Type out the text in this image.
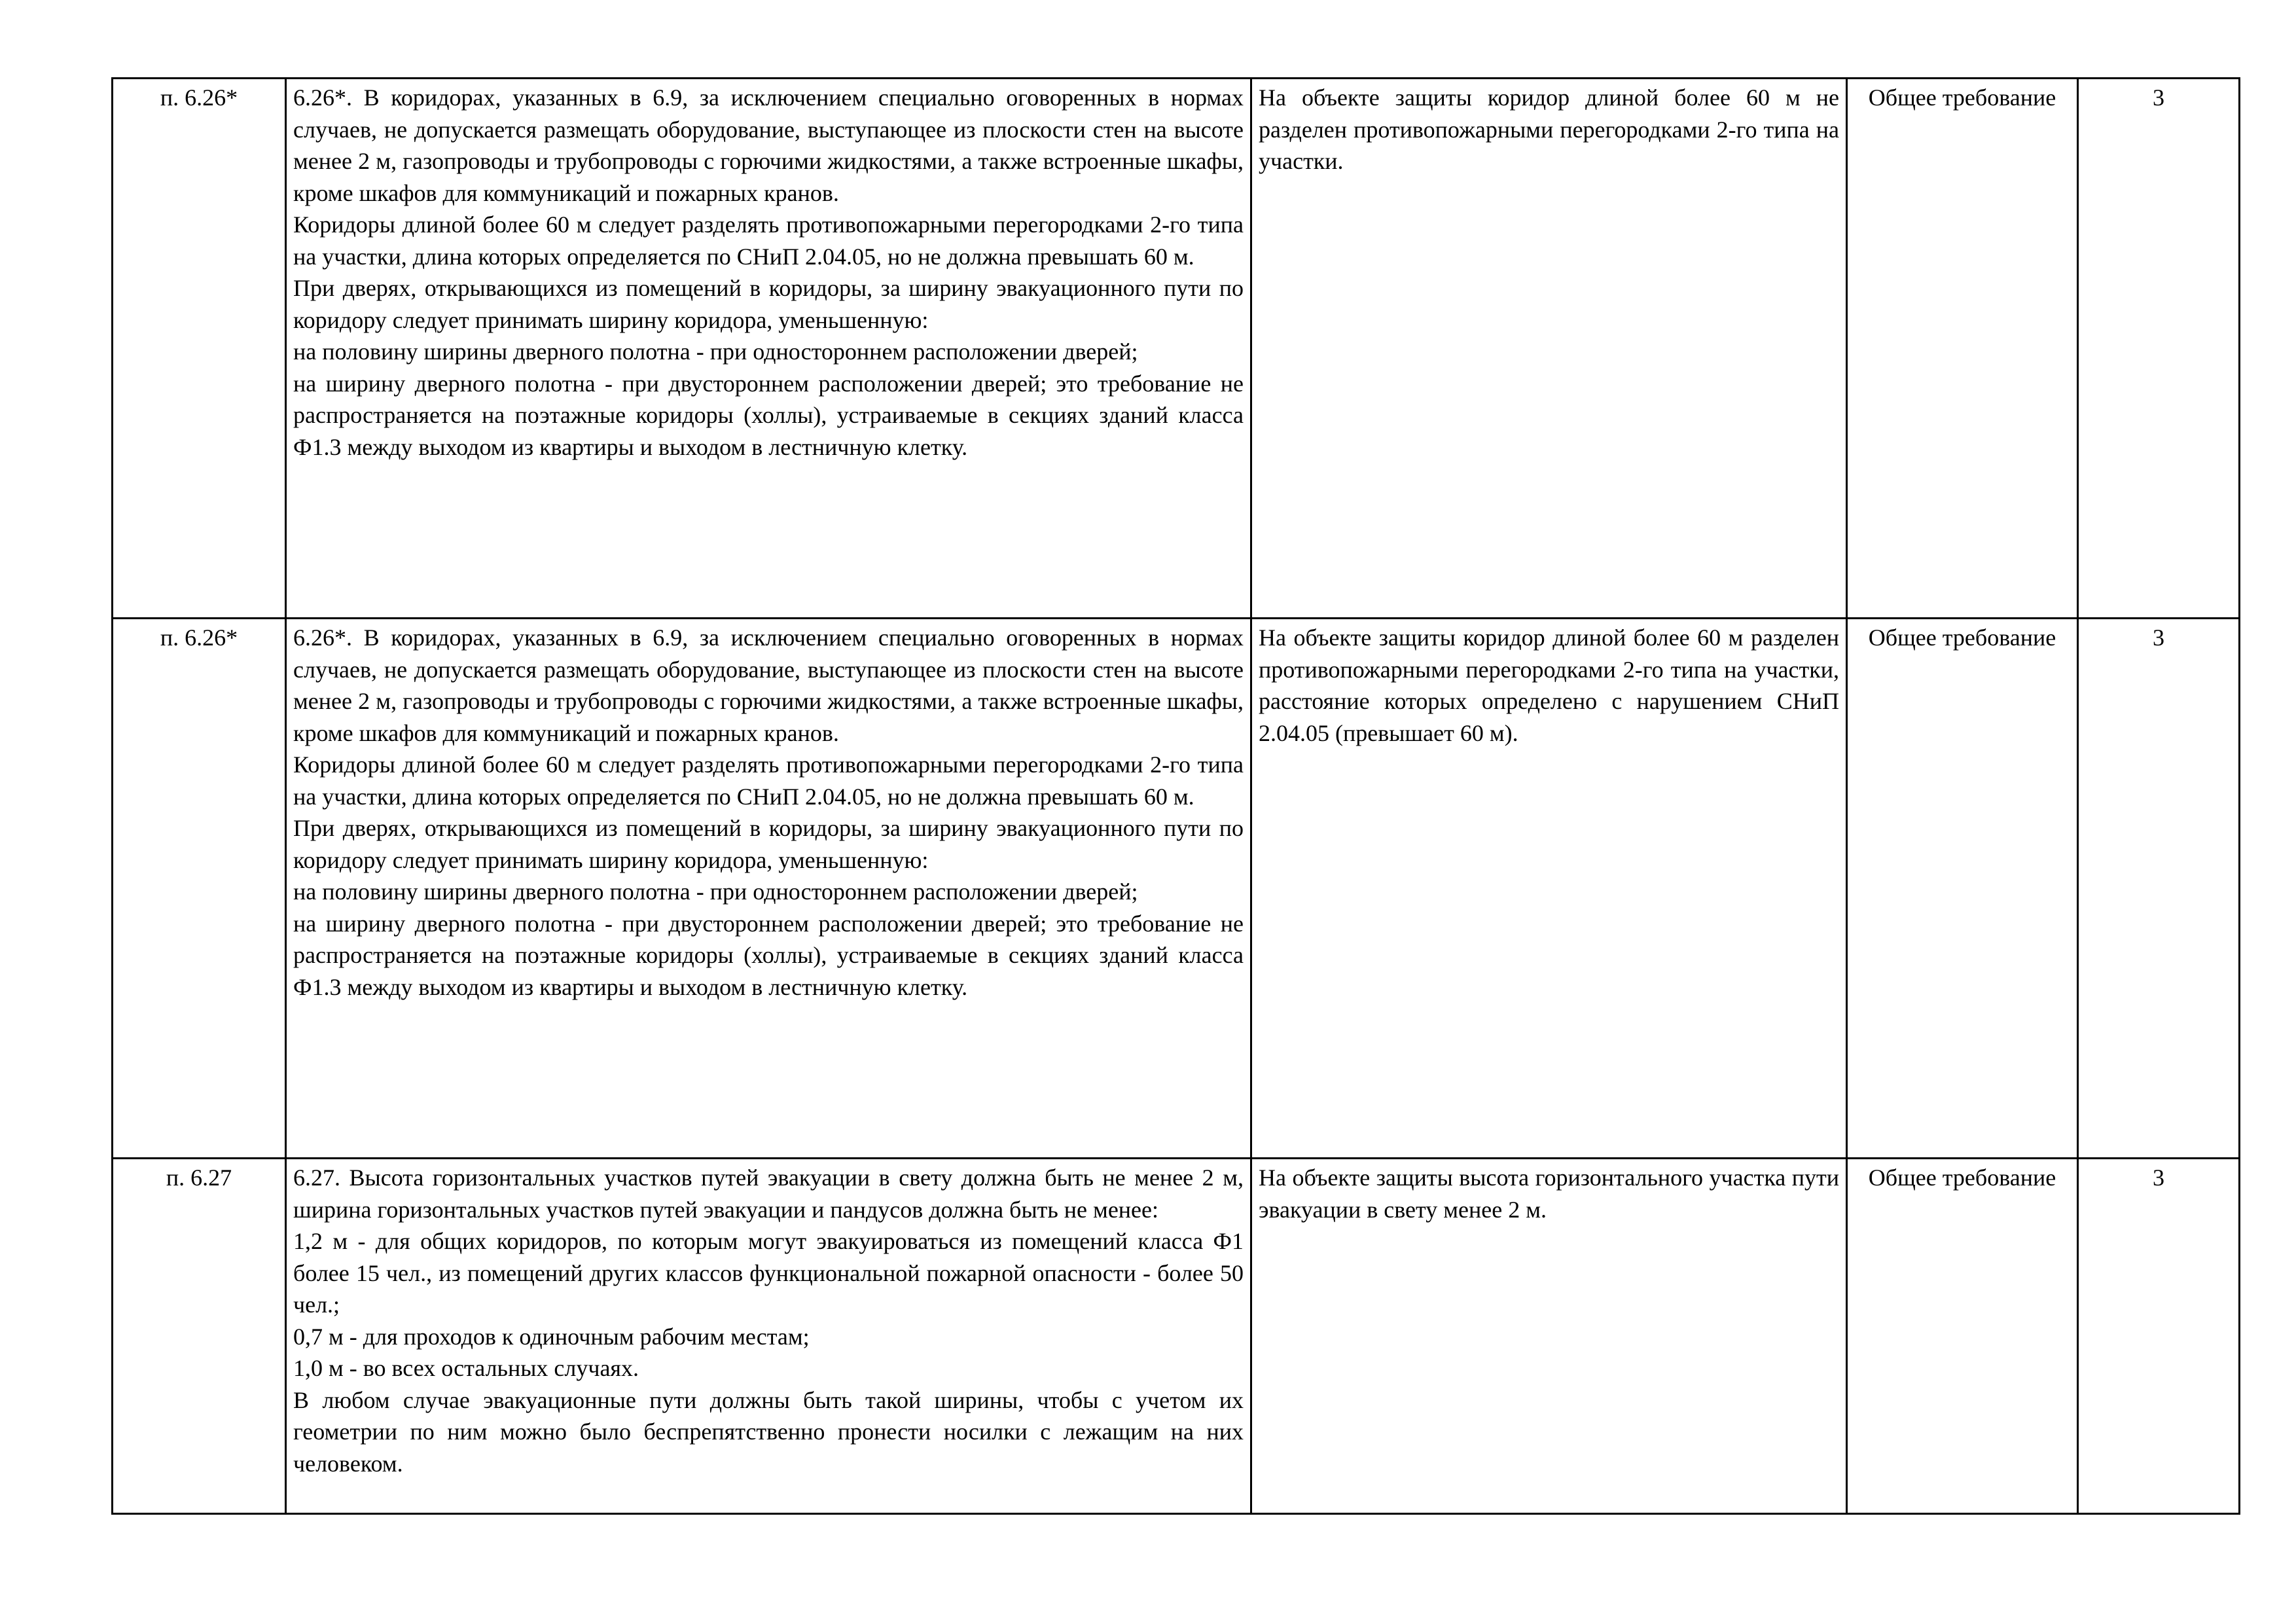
п. 6.26*	6.26*. В коридорах, указанных в 6.9, за исключением специально оговоренных в нормах случаев, не допускается размещать оборудование, выступающее из плоскости стен на высоте менее 2 м, газопроводы и трубопроводы с горючими жидкостями, а также встроенные шкафы, кроме шкафов для коммуникаций и пожарных кранов.
Коридоры длиной более 60 м следует разделять противопожарными перегородками 2-го типа на участки, длина которых определяется по СНиП 2.04.05, но не должна превышать 60 м.
При дверях, открывающихся из помещений в коридоры, за ширину эвакуационного пути по коридору следует принимать ширину коридора, уменьшенную:
на половину ширины дверного полотна - при одностороннем расположении дверей;
на ширину дверного полотна - при двустороннем расположении дверей; это требование не распространяется на поэтажные коридоры (холлы), устраиваемые в секциях зданий класса Ф1.3 между выходом из квартиры и выходом в лестничную клетку.	На объекте защиты коридор длиной более 60 м не разделен противопожарными перегородками 2-го типа на участки.	Общее требование	3
п. 6.26*	6.26*. В коридорах, указанных в 6.9, за исключением специально оговоренных в нормах случаев, не допускается размещать оборудование, выступающее из плоскости стен на высоте менее 2 м, газопроводы и трубопроводы с горючими жидкостями, а также встроенные шкафы, кроме шкафов для коммуникаций и пожарных кранов.
Коридоры длиной более 60 м следует разделять противопожарными перегородками 2-го типа на участки, длина которых определяется по СНиП 2.04.05, но не должна превышать 60 м.
При дверях, открывающихся из помещений в коридоры, за ширину эвакуационного пути по коридору следует принимать ширину коридора, уменьшенную:
на половину ширины дверного полотна - при одностороннем расположении дверей;
на ширину дверного полотна - при двустороннем расположении дверей; это требование не распространяется на поэтажные коридоры (холлы), устраиваемые в секциях зданий класса Ф1.3 между выходом из квартиры и выходом в лестничную клетку.	На объекте защиты коридор длиной более 60 м разделен противопожарными перегородками 2-го типа на участки, расстояние которых определено с нарушением СНиП 2.04.05 (превышает 60 м).	Общее требование	3
п. 6.27	6.27. Высота горизонтальных участков путей эвакуации в свету должна быть не менее 2 м, ширина горизонтальных участков путей эвакуации и пандусов должна быть не менее:
1,2 м - для общих коридоров, по которым могут эвакуироваться из помещений класса Ф1 более 15 чел., из помещений других классов функциональной пожарной опасности - более 50 чел.;
0,7 м - для проходов к одиночным рабочим местам;
1,0 м - во всех остальных случаях.
В любом случае эвакуационные пути должны быть такой ширины, чтобы с учетом их геометрии по ним можно было беспрепятственно пронести носилки с лежащим на них человеком.	На объекте защиты высота горизонтального участка пути эвакуации в свету менее 2 м.	Общее требование	3
